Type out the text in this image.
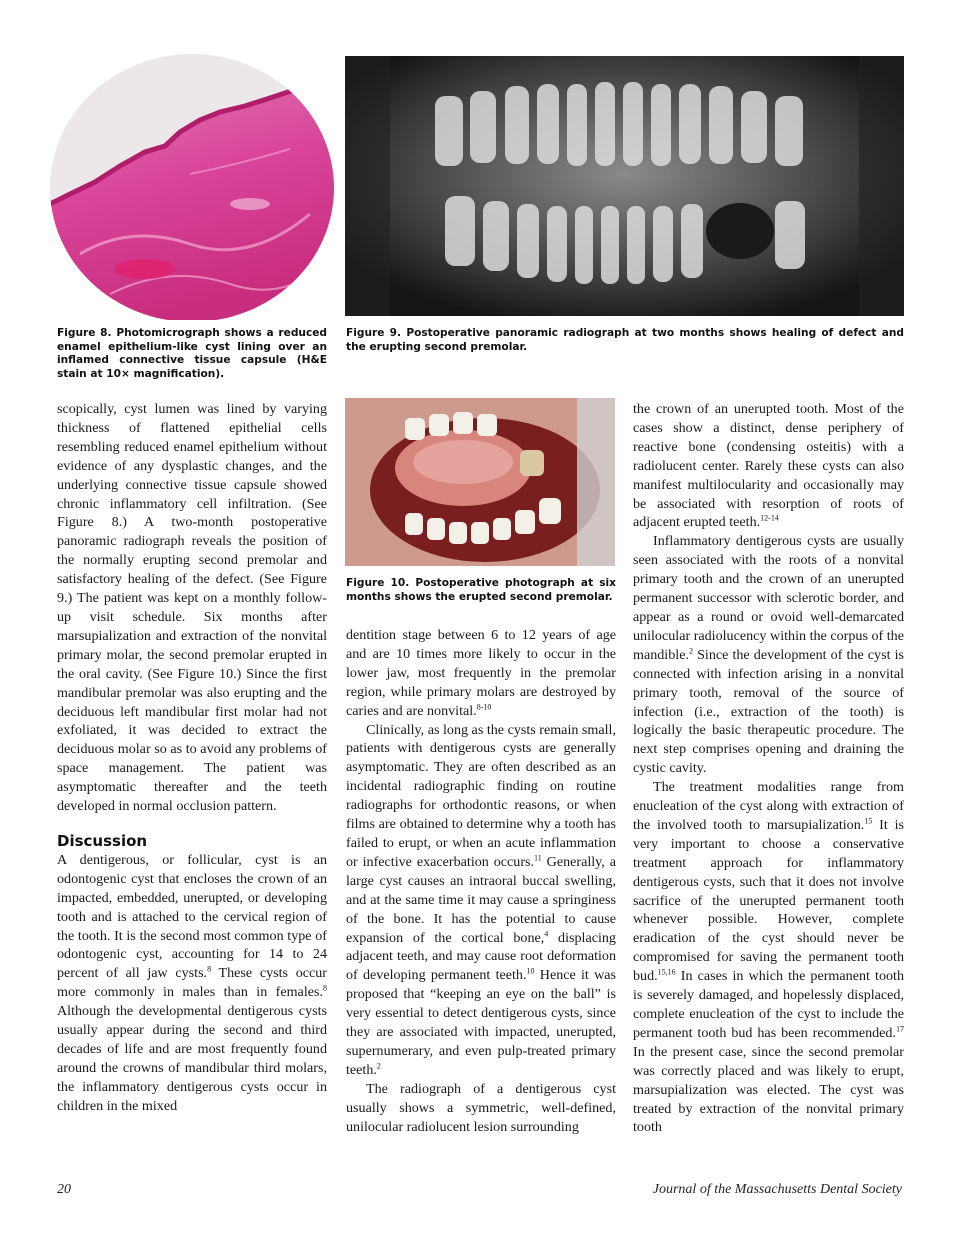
Figure 8. Photomicrograph shows a reduced enamel epithelium-like cyst lining over an inflamed connective tissue capsule (H&E stain at 10× magnification).

Figure 9. Postoperative panoramic radiograph at two months shows healing of defect and the erupting second premolar.

Figure 10. Postoperative photograph at six months shows the erupted second premolar.

scopically, cyst lumen was lined by varying thickness of flattened epithelial cells resembling reduced enamel epithelium without evidence of any dysplastic changes, and the underlying connective tissue capsule showed chronic inflammatory cell infiltration. (See Figure 8.) A two-month postoperative panoramic radiograph reveals the position of the normally erupting second premolar and satisfactory healing of the defect. (See Figure 9.) The patient was kept on a monthly follow-up visit schedule. Six months after marsupialization and extraction of the nonvital primary molar, the second premolar erupted in the oral cavity. (See Figure 10.) Since the first mandibular premolar was also erupting and the deciduous left mandibular first molar had not exfoliated, it was decided to extract the deciduous molar so as to avoid any problems of space management. The patient was asymptomatic thereafter and the teeth developed in normal occlusion pattern.

Discussion

A dentigerous, or follicular, cyst is an odontogenic cyst that encloses the crown of an impacted, embedded, unerupted, or developing tooth and is attached to the cervical region of the tooth. It is the second most common type of odontogenic cyst, accounting for 14 to 24 percent of all jaw cysts.$^8$ These cysts occur more commonly in males than in females.$^8$ Although the developmental dentigerous cysts usually appear during the second and third decades of life and are most frequently found around the crowns of mandibular third molars, the inflammatory dentigerous cysts occur in children in the mixed

dentition stage between 6 to 12 years of age and are 10 times more likely to occur in the lower jaw, most frequently in the premolar region, while primary molars are destroyed by caries and are nonvital.$^{8-10}$

Clinically, as long as the cysts remain small, patients with dentigerous cysts are generally asymptomatic. They are often described as an incidental radiographic finding on routine radiographs for orthodontic reasons, or when films are obtained to determine why a tooth has failed to erupt, or when an acute inflammation or infective exacerbation occurs.$^{11}$ Generally, a large cyst causes an intraoral buccal swelling, and at the same time it may cause a springiness of the bone. It has the potential to cause expansion of the cortical bone,$^4$ displacing adjacent teeth, and may cause root deformation of developing permanent teeth.$^{10}$ Hence it was proposed that “keeping an eye on the ball” is very essential to detect dentigerous cysts, since they are associated with impacted, unerupted, supernumerary, and even pulp-treated primary teeth.$^2$

The radiograph of a dentigerous cyst usually shows a symmetric, well-defined, unilocular radiolucent lesion surrounding

the crown of an unerupted tooth. Most of the cases show a distinct, dense periphery of reactive bone (condensing osteitis) with a radiolucent center. Rarely these cysts can also manifest multilocularity and occasionally may be associated with resorption of roots of adjacent erupted teeth.$^{12-14}$

Inflammatory dentigerous cysts are usually seen associated with the roots of a nonvital primary tooth and the crown of an unerupted permanent successor with sclerotic border, and appear as a round or ovoid well-demarcated unilocular radiolucency within the corpus of the mandible.$^2$ Since the development of the cyst is connected with infection arising in a nonvital primary tooth, removal of the source of infection (i.e., extraction of the tooth) is logically the basic therapeutic procedure. The next step comprises opening and draining the cystic cavity.

The treatment modalities range from enucleation of the cyst along with extraction of the involved tooth to marsupialization.$^{15}$ It is very important to choose a conservative treatment approach for inflammatory dentigerous cysts, such that it does not involve sacrifice of the unerupted permanent tooth whenever possible. However, complete eradication of the cyst should never be compromised for saving the permanent tooth bud.$^{15,16}$ In cases in which the permanent tooth is severely damaged, and hopelessly displaced, complete enucleation of the cyst to include the permanent tooth bud has been recommended.$^{17}$ In the present case, since the second premolar was correctly placed and was likely to erupt, marsupialization was elected. The cyst was treated by extraction of the nonvital primary tooth

20	Journal of the Massachusetts Dental Society
